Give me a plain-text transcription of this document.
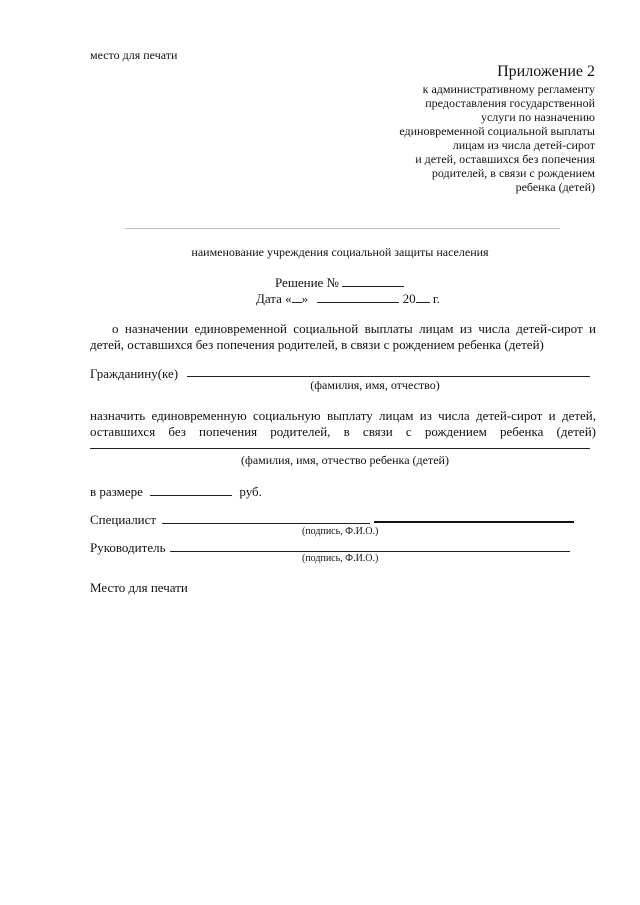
место для печати
Приложение 2
к административному регламенту
предоставления государственной
услуги по назначению
единовременной социальной выплаты
лицам из числа детей-сирот
и детей, оставшихся без попечения
родителей, в связи с рождением
ребенка (детей)
наименование учреждения социальной защиты населения
Решение №
Дата « »	20 г.
о назначении единовременной социальной выплаты лицам из числа детей-сирот и
детей, оставшихся без попечения родителей, в связи с рождением ребенка (детей)
Гражданину(ке)
(фамилия, имя, отчество)
назначить единовременную социальную выплату лицам из числа детей-сирот и детей,
оставшихся без попечения родителей, в связи с рождением ребенка (детей)
(фамилия, имя, отчество ребенка (детей)
в размере	руб.
Специалист
(подпись, Ф.И.О.)
Руководитель
(подпись, Ф.И.О.)
Место для печати
